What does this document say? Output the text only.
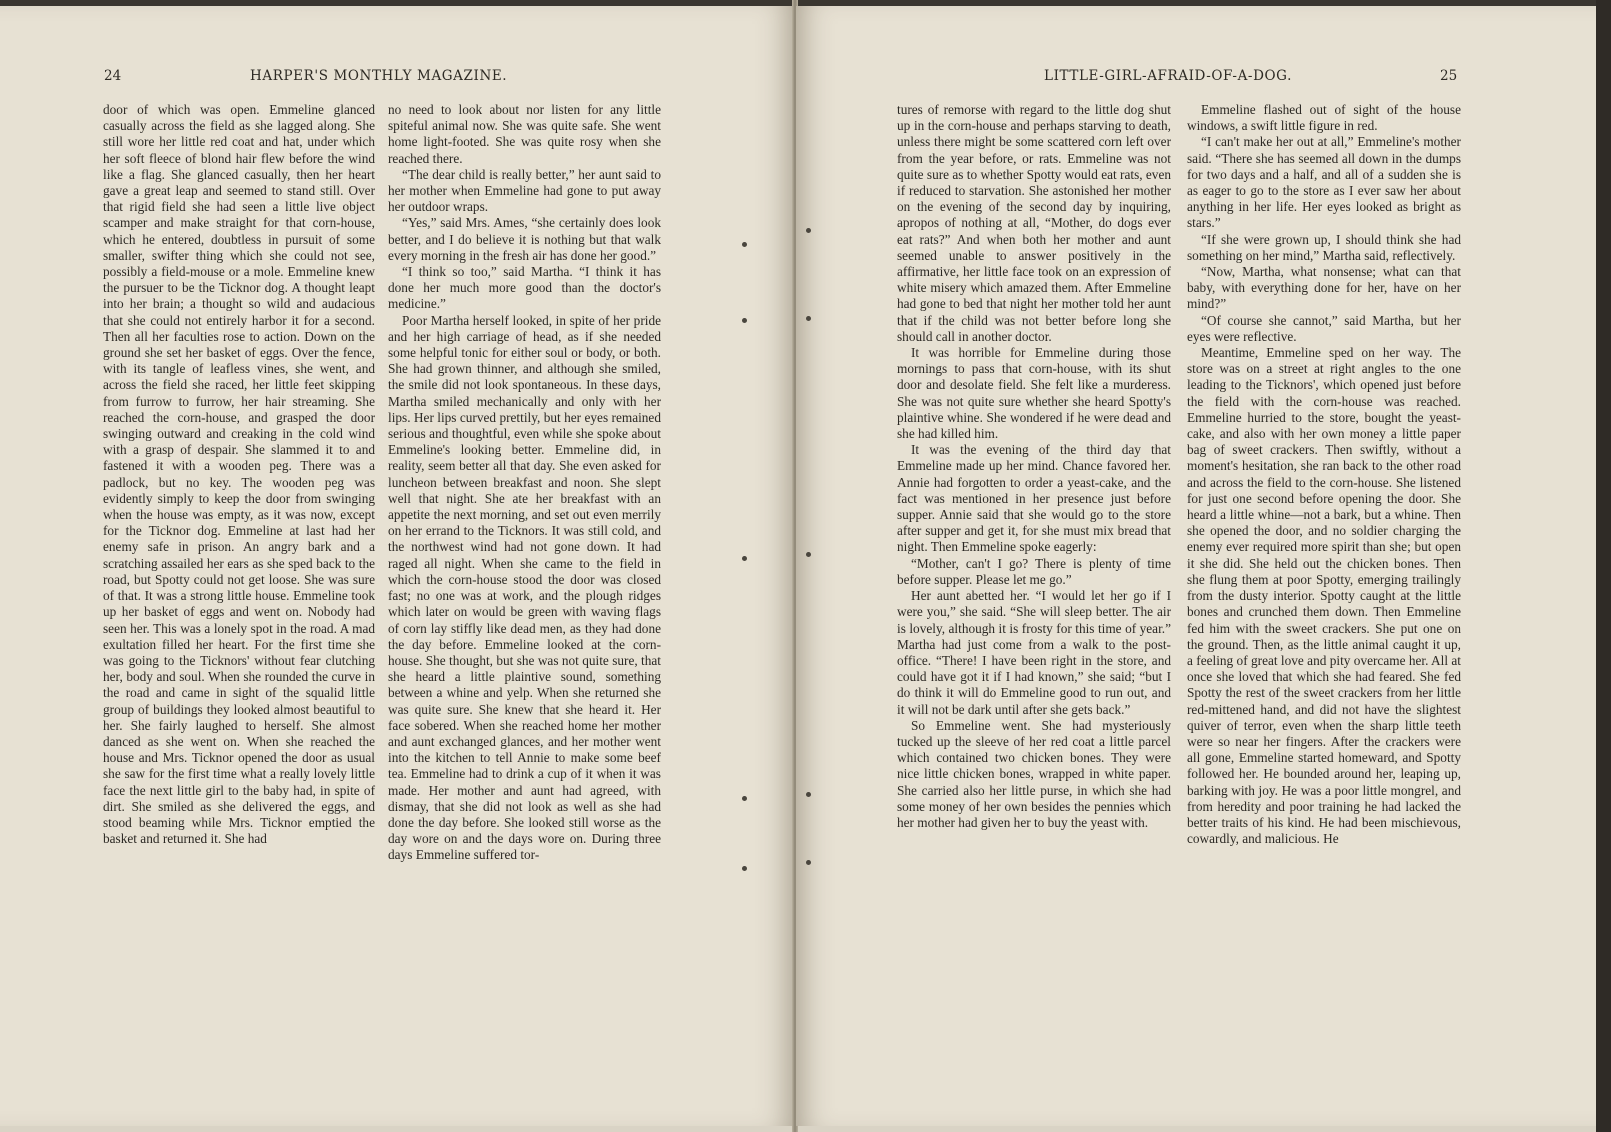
24	HARPER'S MONTHLY MAGAZINE.

door of which was open. Emmeline glanced casually across the field as she lagged along. She still wore her little red coat and hat, under which her soft fleece of blond hair flew before the wind like a flag. She glanced casually, then her heart gave a great leap and seemed to stand still. Over that rigid field she had seen a little live object scamper and make straight for that corn-house, which he entered, doubtless in pursuit of some smaller, swifter thing which she could not see, possibly a field-mouse or a mole. Emmeline knew the pursuer to be the Ticknor dog. A thought leapt into her brain; a thought so wild and audacious that she could not entirely harbor it for a second. Then all her faculties rose to action. Down on the ground she set her basket of eggs. Over the fence, with its tangle of leafless vines, she went, and across the field she raced, her little feet skipping from furrow to furrow, her hair streaming. She reached the corn-house, and grasped the door swinging outward and creaking in the cold wind with a grasp of despair. She slammed it to and fastened it with a wooden peg. There was a padlock, but no key. The wooden peg was evidently simply to keep the door from swinging when the house was empty, as it was now, except for the Ticknor dog. Emmeline at last had her enemy safe in prison. An angry bark and a scratching assailed her ears as she sped back to the road, but Spotty could not get loose. She was sure of that. It was a strong little house. Emmeline took up her basket of eggs and went on. Nobody had seen her. This was a lonely spot in the road. A mad exultation filled her heart. For the first time she was going to the Ticknors' without fear clutching her, body and soul. When she rounded the curve in the road and came in sight of the squalid little group of buildings they looked almost beautiful to her. She fairly laughed to herself. She almost danced as she went on. When she reached the house and Mrs. Ticknor opened the door as usual she saw for the first time what a really lovely little face the next little girl to the baby had, in spite of dirt. She smiled as she delivered the eggs, and stood beaming while Mrs. Ticknor emptied the basket and returned it. She had

no need to look about nor listen for any little spiteful animal now. She was quite safe. She went home light-footed. She was quite rosy when she reached there.

“The dear child is really better,” her aunt said to her mother when Emmeline had gone to put away her outdoor wraps.

“Yes,” said Mrs. Ames, “she certainly does look better, and I do believe it is nothing but that walk every morning in the fresh air has done her good.”

“I think so too,” said Martha. “I think it has done her much more good than the doctor's medicine.”

Poor Martha herself looked, in spite of her pride and her high carriage of head, as if she needed some helpful tonic for either soul or body, or both. She had grown thinner, and although she smiled, the smile did not look spontaneous. In these days, Martha smiled mechanically and only with her lips. Her lips curved prettily, but her eyes remained serious and thoughtful, even while she spoke about Emmeline's looking better. Emmeline did, in reality, seem better all that day. She even asked for luncheon between breakfast and noon. She slept well that night. She ate her breakfast with an appetite the next morning, and set out even merrily on her errand to the Ticknors. It was still cold, and the northwest wind had not gone down. It had raged all night. When she came to the field in which the corn-house stood the door was closed fast; no one was at work, and the plough ridges which later on would be green with waving flags of corn lay stiffly like dead men, as they had done the day before. Emmeline looked at the corn-house. She thought, but she was not quite sure, that she heard a little plaintive sound, something between a whine and yelp. When she returned she was quite sure. She knew that she heard it. Her face sobered. When she reached home her mother and aunt exchanged glances, and her mother went into the kitchen to tell Annie to make some beef tea. Emmeline had to drink a cup of it when it was made. Her mother and aunt had agreed, with dismay, that she did not look as well as she had done the day before. She looked still worse as the day wore on and the days wore on. During three days Emmeline suffered tor-

LITTLE-GIRL-AFRAID-OF-A-DOG.	25

tures of remorse with regard to the little dog shut up in the corn-house and perhaps starving to death, unless there might be some scattered corn left over from the year before, or rats. Emmeline was not quite sure as to whether Spotty would eat rats, even if reduced to starvation. She astonished her mother on the evening of the second day by inquiring, apropos of nothing at all, “Mother, do dogs ever eat rats?” And when both her mother and aunt seemed unable to answer positively in the affirmative, her little face took on an expression of white misery which amazed them. After Emmeline had gone to bed that night her mother told her aunt that if the child was not better before long she should call in another doctor.

It was horrible for Emmeline during those mornings to pass that corn-house, with its shut door and desolate field. She felt like a murderess. She was not quite sure whether she heard Spotty's plaintive whine. She wondered if he were dead and she had killed him.

It was the evening of the third day that Emmeline made up her mind. Chance favored her. Annie had forgotten to order a yeast-cake, and the fact was mentioned in her presence just before supper. Annie said that she would go to the store after supper and get it, for she must mix bread that night. Then Emmeline spoke eagerly:

“Mother, can't I go? There is plenty of time before supper. Please let me go.”

Her aunt abetted her. “I would let her go if I were you,” she said. “She will sleep better. The air is lovely, although it is frosty for this time of year.” Martha had just come from a walk to the post-office. “There! I have been right in the store, and could have got it if I had known,” she said; “but I do think it will do Emmeline good to run out, and it will not be dark until after she gets back.”

So Emmeline went. She had mysteriously tucked up the sleeve of her red coat a little parcel which contained two chicken bones. They were nice little chicken bones, wrapped in white paper. She carried also her little purse, in which she had some money of her own besides the pennies which her mother had given her to buy the yeast with.

Emmeline flashed out of sight of the house windows, a swift little figure in red.

“I can't make her out at all,” Emmeline's mother said. “There she has seemed all down in the dumps for two days and a half, and all of a sudden she is as eager to go to the store as I ever saw her about anything in her life. Her eyes looked as bright as stars.”

“If she were grown up, I should think she had something on her mind,” Martha said, reflectively.

“Now, Martha, what nonsense; what can that baby, with everything done for her, have on her mind?”

“Of course she cannot,” said Martha, but her eyes were reflective.

Meantime, Emmeline sped on her way. The store was on a street at right angles to the one leading to the Ticknors', which opened just before the field with the corn-house was reached. Emmeline hurried to the store, bought the yeast-cake, and also with her own money a little paper bag of sweet crackers. Then swiftly, without a moment's hesitation, she ran back to the other road and across the field to the corn-house. She listened for just one second before opening the door. She heard a little whine—not a bark, but a whine. Then she opened the door, and no soldier charging the enemy ever required more spirit than she; but open it she did. She held out the chicken bones. Then she flung them at poor Spotty, emerging trailingly from the dusty interior. Spotty caught at the little bones and crunched them down. Then Emmeline fed him with the sweet crackers. She put one on the ground. Then, as the little animal caught it up, a feeling of great love and pity overcame her. All at once she loved that which she had feared. She fed Spotty the rest of the sweet crackers from her little red-mittened hand, and did not have the slightest quiver of terror, even when the sharp little teeth were so near her fingers. After the crackers were all gone, Emmeline started homeward, and Spotty followed her. He bounded around her, leaping up, barking with joy. He was a poor little mongrel, and from heredity and poor training he had lacked the better traits of his kind. He had been mischievous, cowardly, and malicious. He
